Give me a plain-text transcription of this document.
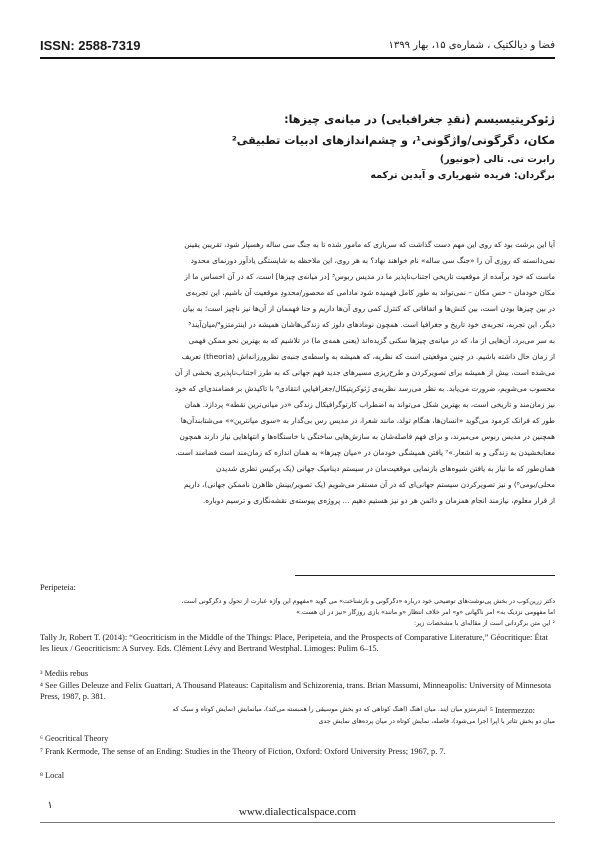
ISSN: 2588-7319	فضا و دیالکتیک ، شماره‌ی ۱۵، بهار ۱۳۹۹
ژئوکریتیسیسم (نقدِ جغرافیایی) در میانه‌ی چیزها:
مکان، دگرگونی/واژگونی¹، و چشم‌اندازهای ادبیات تطبیقی²
رابرت تی. تالی (جونیور)
برگردان: فریده شهریاری و آیدین ترکمه
آیا این برشت بود که روی این مهم دست گذاشت که سربازی که مامور شده تا به جنگ سی ساله رهسپار شود، تقریبن یقینن
نمی‌دانسته که روزی آن را «جنگ سی ساله» نام خواهند نهاد؟ به هر روی، این ملاحظه به شایستگی یادآور دورنمای محدود
ماست که خود برآمده از موقعیت تاریخیِ اجتناب‌ناپذیر ما در مدیس ربوس³ [در میانه‌ی چیزها] است، که در آن احساس ما از
مکان خودمان – حس مکان – نمی‌تواند به طور کامل فهمیده شود مادامی که محصور/محدودِ موقعیت آن باشیم. این تجربه‌ی
در بین چیزها بودن است، بین کنش‌ها و اتفاقاتی که کنترل کمی روی آن‌ها داریم و حتا فهممان از آن‌ها نیز ناچیز است؛ به بیان
دیگر، این تجربه، تجربه‌ی خود تاریخ و جغرافیا است. همچون نوماد‌های دلوز که زندگی‌هاشان همیشه در اینترمتزو⁴/میان‌آیند⁵
به سر می‌برد، آن‌هایی از ما، که در میانه‌ی چیزها سکنی گزیده‌اند (یعنی همه‌ی ما) در تلاشیم که به بهترین نحو ممکن فهمی
از زمان حال داشته باشیم. در چنین موقعیتی است که نظریه، که همیشه به واسطه‌ی جنبه‌ی نظرورزانه‌اش (theoria) تعریف
می‌شده است، بیش از همیشه برای تصویرکردن و طرح‌ریزی مسیرهای جدید فهم جهانی که به طرز اجتناب‌ناپذیری بخشی از آن
محسوب می‌شویم، ضرورت می‌یابد. به نظر می‌رسد نظریه‌ی ژئوکریتیکال/جغرافیاییِ انتقادی⁶ با تاکیدش بر فضامندی‌ای که خود
نیز زمان‌مند و تاریخی است، به بهترین شکل می‌تواند به اضطراب کارتوگرافیکال زندگی «در میانی‌ترین نقطه» پردازد. همان
طور که فرانک کرمود می‌گوید «انسان‌ها، هنگام تولد، مانند شعرا، در مدیس رس بی‌گدار به «سوی میانترین»» می‌شتابند‌آن‌ها
همچنین در مدیس ربوس می‌میرند، و برای فهم فاصله‌شان به سازش‌هایی ساختگی با خاستگاه‌ها و انتهاهایی نیاز دارند همچون
معنابخشیدن به زندگی و به اشعار.»⁷ یافتن همیشگی خودمان در «میان چیزها» به همان اندازه که زمان‌مند است فضامند است.
همان‌طور که ما نیاز به یافتن شیوه‌های بازنمایی موقعیت‌مان در سیستم دینامیک جهانی (یک پرکیس نظری شدیدن
محلی/بومی⁸) و نیز تصویرکردن سیستم جهانی‌ای که در آن مستقر می‌شویم (یک تصویر/بینش ظاهرن ناممکن جهانی)، داریم
از قرار معلوم، نیازمند انجام همزمان و دائمن هر دو نیز هستیم دهیم ... پروژه‌ی پیوسته‌ی نقشه‌نگاری و ترسیم دوباره.
Peripeteia:
دکتر زرین‌کوب در بخش پی‌نوشت‌های توضیحی خود درباره «دگرگونی و بازشناخت» می گوید «مفهوم این واژه عبارت از تحول و دگرگونی است،
اما مفهومی نزدیک به» امر ناگهانی «و» امر خلاف انتظار «و مانند» بازی روزگار «نیز در آن هست.»
² این متن برگردانی است از مقاله‌ای با مشخصات زیر:
Tally Jr, Robert T. (2014): “Geocriticism in the Middle of the Things: Place, Peripeteia, and the Prospects of Comparative Literature,” Géocritique: État les lieux / Geocriticism: A Survey. Eds. Clément Lévy and Bertrand Westphal. Limoges: Pulim 6–15.
³ Mediis rebus
⁴ See Gilles Deleuze and Felix Guattari, A Thousand Plateaus: Capitalism and Schizorenia, trans. Brian Massumi, Minneapolis: University of Minnesota Press, 1987, p. 381.
⁵ Intermezzo:
اینترمتزو میان آیند. میان آهنگ (آهنگ کوتاهی که دو بخش موسیقی را همبسته می‌کند)، میانمایش (نمایش کوتاه و سبک که
میان دو بخش تئاتر یا اپرا اجرا می‌شود)، فاصله، نمایش کوتاه در میان پرده‌های نمایش جدی
⁶ Geocritical Theory
⁷ Frank Kermode, The sense of an Ending: Studies in the Theory of Fiction, Oxford: Oxford University Press; 1967, p. 7.
⁸ Local
www.dialecticalspace.com
۱
